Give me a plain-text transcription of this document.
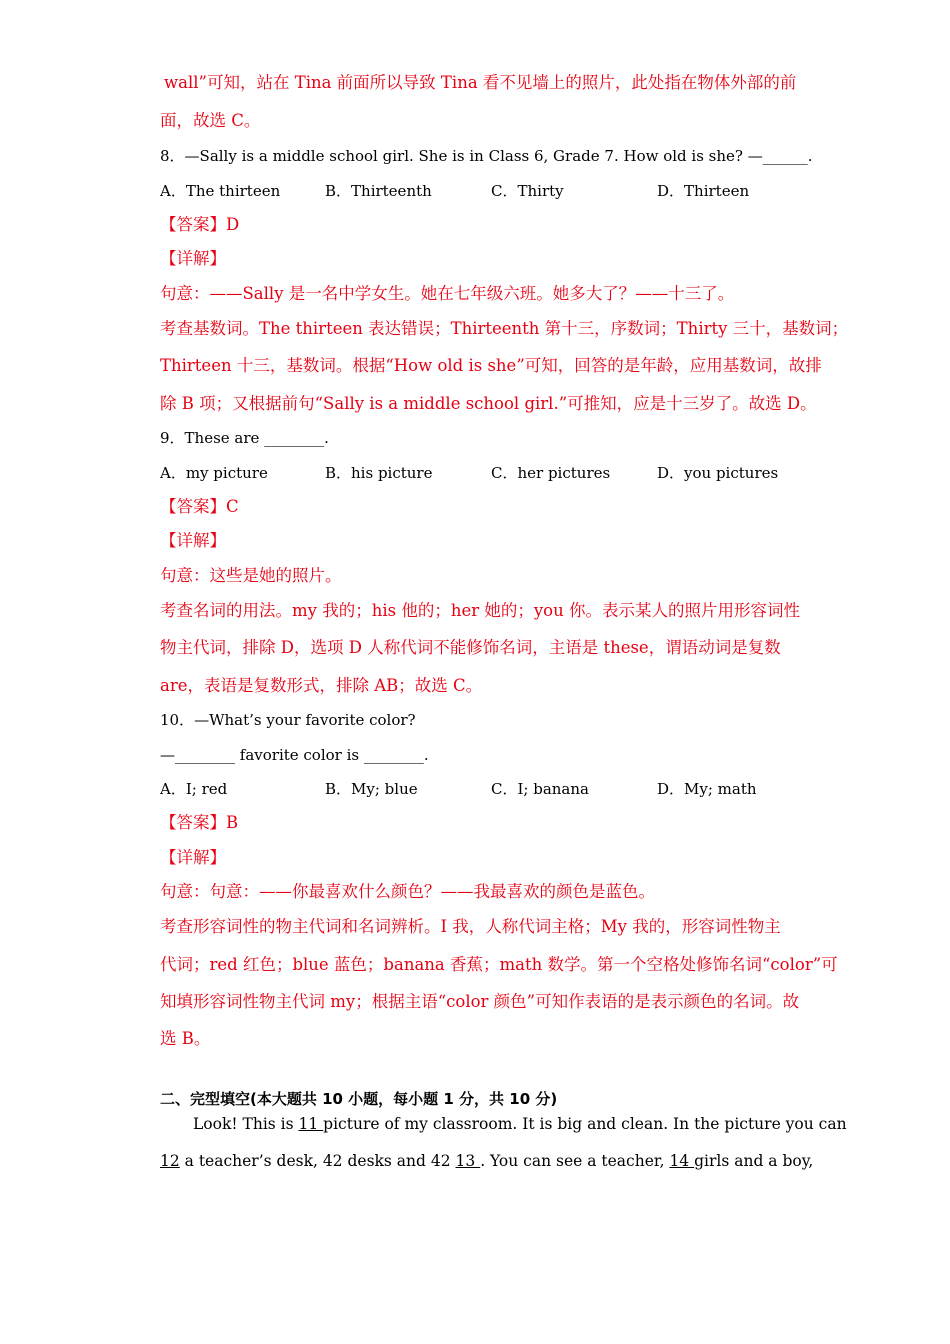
wall”可知，站在 Tina 前面所以导致 Tina 看不见墙上的照片，此处指在物体外部的前
面，故选 C。
8．—Sally is a middle school girl. She is in Class 6, Grade 7. How old is she? —______.
A．The thirteen	B．Thirteenth	C．Thirty	D．Thirteen
【答案】D
【详解】
句意：——Sally 是一名中学女生。她在七年级六班。她多大了？——十三了。
考查基数词。The thirteen 表达错误；Thirteenth 第十三，序数词；Thirty 三十，基数词；
Thirteen 十三，基数词。根据“How old is she”可知，回答的是年龄，应用基数词，故排
除 B 项；又根据前句“Sally is a middle school girl.”可推知，应是十三岁了。故选 D。
9．These are ________.
A．my picture	B．his picture	C．her pictures	D．you pictures
【答案】C
【详解】
句意：这些是她的照片。
考查名词的用法。my 我的；his 他的；her 她的；you 你。表示某人的照片用形容词性
物主代词，排除 D，选项 D 人称代词不能修饰名词，主语是 these，谓语动词是复数
are，表语是复数形式，排除 AB；故选 C。
10．—What’s your favorite color?
—________ favorite color is ________.
A．I; red	B．My; blue	C．I; banana	D．My; math
【答案】B
【详解】
句意：句意：——你最喜欢什么颜色？——我最喜欢的颜色是蓝色。
考查形容词性的物主代词和名词辨析。I 我，人称代词主格；My 我的，形容词性物主
代词；red 红色；blue 蓝色；banana 香蕉；math 数学。第一个空格处修饰名词“color”可
知填形容词性物主代词 my；根据主语“color 颜色”可知作表语的是表示颜色的名词。故
选 B。
二、完型填空(本大题共 10 小题，每小题 1 分，共 10 分)
Look! This is 11 picture of my classroom. It is big and clean. In the picture you can
12 a teacher’s desk, 42 desks and 42 13 . You can see a teacher, 14 girls and a boy,
